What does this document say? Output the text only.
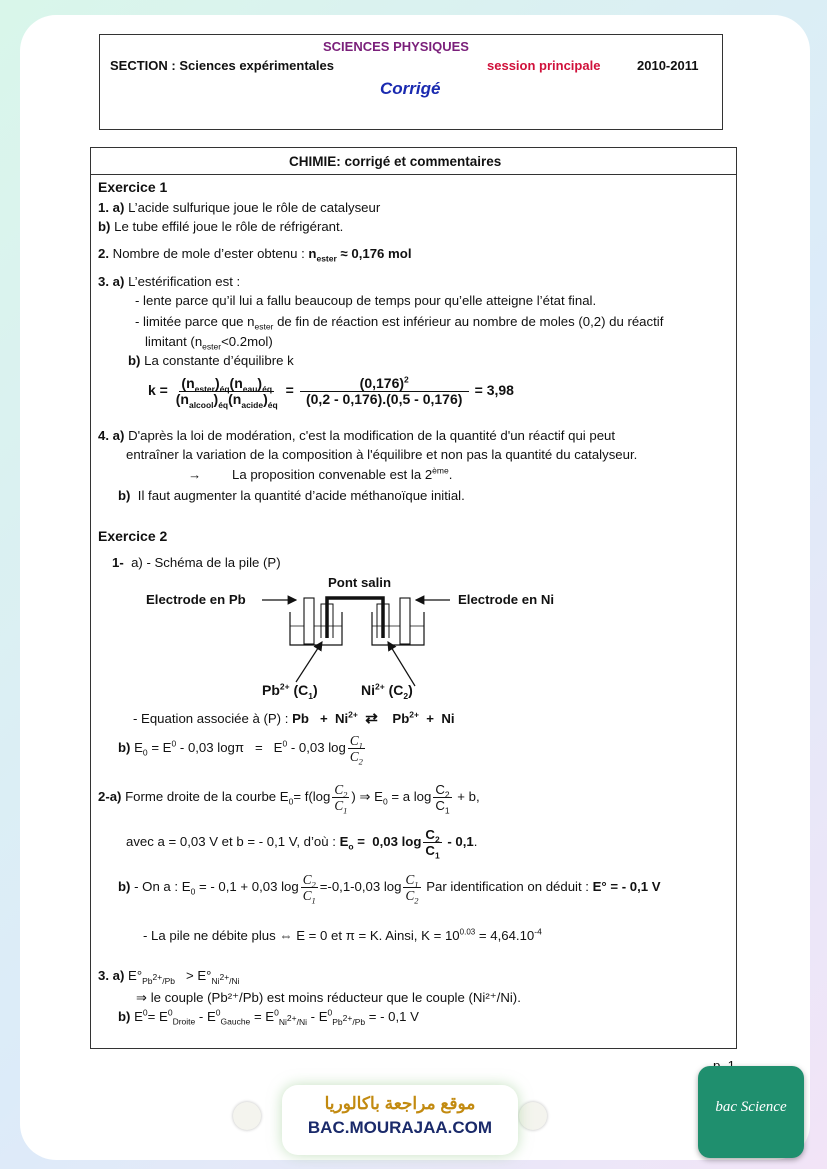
SCIENCES PHYSIQUES
SECTION : Sciences expérimentales	session principale	2010-2011
Corrigé
CHIMIE: corrigé et commentaires
Exercice 1
1. a) L’acide sulfurique joue le rôle de catalyseur
b) Le tube effilé joue le rôle de réfrigérant.
2. Nombre de mole d’ester obtenu : $n_{ester} \approx 0,176$ mol
3. a) L’estérification est :
- lente parce qu’il lui a fallu beaucoup de temps pour qu’elle atteigne l’état final.
- limitée parce que $n_{ester}$ de fin de réaction est inférieur au nombre de moles (0,2) du réactif
limitant $(n_{ester}<0.2mol)$
b) La constante d’équilibre k
$k = \frac{(n_{ester})_{éq}(n_{eau})_{éq}}{(n_{alcool})_{éq}(n_{acide})_{éq}} = \frac{(0,176)^2}{(0,2 - 0,176).(0,5 - 0,176)} = 3,98$
4. a) D'après la loi de modération, c'est la modification de la quantité d'un réactif qui peut
entraîner la variation de la composition à l'équilibre et non pas la quantité du catalyseur.
→ La proposition convenable est la 2ème.
b) Il faut augmenter la quantité d’acide méthanoïque initial.
Exercice 2
1- a) - Schéma de la pile (P)
Pont salin
Electrode en Pb	Electrode en Ni
$Pb^{2+}$ $(C_1)$	$Ni^{2+}$ $(C_2)$
- Equation associée à (P) : $Pb + Ni^{2+}$ ⇄ $Pb^{2+} + Ni$
b) $E_0 = E^0 - 0,03$ $\log\pi = E^0 - 0,03$ $\log \frac{C_1}{C_2}$
2-a) Forme droite de la courbe $E_0= f(\log \frac{C_2}{C_1}$ ) ⇒ $E_0 = a$ $\log \frac{C_2}{C_1} + b$,
avec a = 0,03 V et b = - 0,1 V, d’où : $E_o = 0,03$ $\log \frac{C_2}{C_1} - 0,1$.
b) - On a : $E_0$ = - 0,1 + 0,03 $\log \frac{C_2}{C_1} =-0,1-0,03$ $\log \frac{C_1}{C_2}$ Par identification on déduit : E° = - 0,1 V
- La pile ne débite plus ⇔ E = 0 et π = K. Ainsi, $K = 10^{0.03} = 4,64.10^{-4}$
3. a) $E^\circ_{Pb^{2+}/Pb} > E^\circ_{Ni^{2+}/Ni}$
⇒ le couple (Pb²⁺/Pb) est moins réducteur que le couple (Ni²⁺/Ni).
b) $E^0= E^0_{Droite} - E^0_{Gauche} = E^0_{Ni^{2+}/Ni} - E^0_{Pb^{2+}/Pb}$ = - 0,1 V
موقع مراجعة باكالوريا
BAC.MOURAJAA.COM
bac Science
